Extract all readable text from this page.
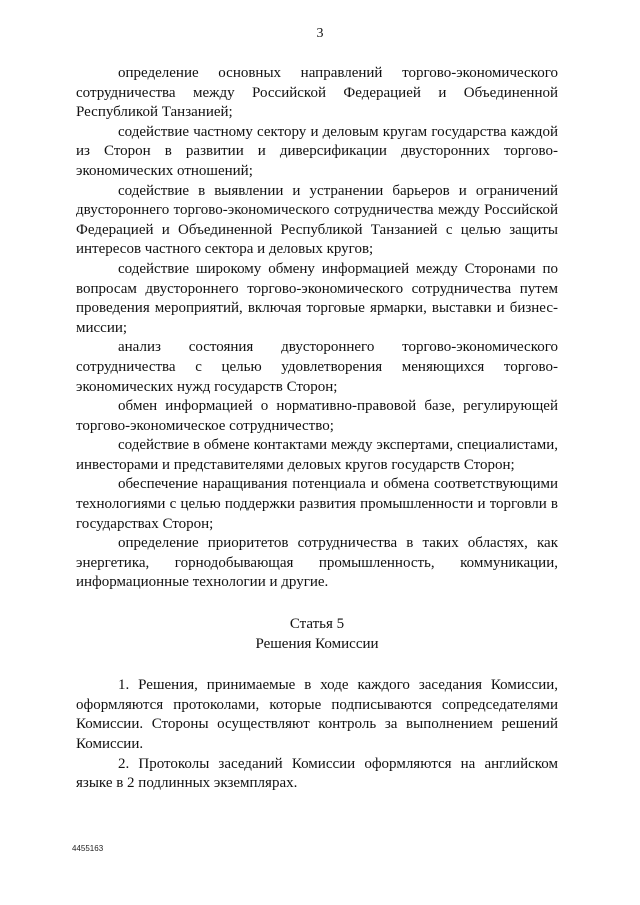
3

определение основных направлений торгово-экономического сотрудничества между Российской Федерацией и Объединенной Республикой Танзанией;

содействие частному сектору и деловым кругам государства каждой из Сторон в развитии и диверсификации двусторонних торгово-экономических отношений;

содействие в выявлении и устранении барьеров и ограничений двустороннего торгово-экономического сотрудничества между Российской Федерацией и Объединенной Республикой Танзанией с целью защиты интересов частного сектора и деловых кругов;

содействие широкому обмену информацией между Сторонами по вопросам двустороннего торгово-экономического сотрудничества путем проведения мероприятий, включая торговые ярмарки, выставки и бизнес-миссии;

анализ состояния двустороннего торгово-экономического сотрудничества с целью удовлетворения меняющихся торгово-экономических нужд государств Сторон;

обмен информацией о нормативно-правовой базе, регулирующей торгово-экономическое сотрудничество;

содействие в обмене контактами между экспертами, специалистами, инвесторами и представителями деловых кругов государств Сторон;

обеспечение наращивания потенциала и обмена соответствующими технологиями с целью поддержки развития промышленности и торговли в государствах Сторон;

определение приоритетов сотрудничества в таких областях, как энергетика, горнодобывающая промышленность, коммуникации, информационные технологии и другие.

Статья 5
Решения Комиссии

1. Решения, принимаемые в ходе каждого заседания Комиссии, оформляются протоколами, которые подписываются сопредседателями Комиссии. Стороны осуществляют контроль за выполнением решений Комиссии.

2. Протоколы заседаний Комиссии оформляются на английском языке в 2 подлинных экземплярах.

4455163
